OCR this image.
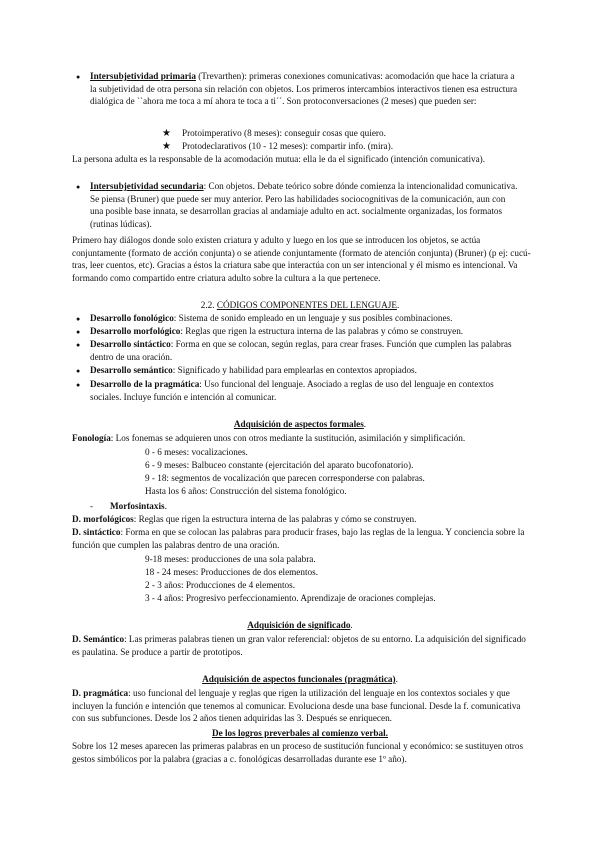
●
Intersubjetividad primaria (Trevarthen): primeras conexiones comunicativas: acomodación que hace la criatura a la subjetividad de otra persona sin relación con objetos. Los primeros intercambios interactivos tienen esa estructura dialógica de ``ahora me toca a mí ahora te toca a ti´´. Son protoconversaciones (2 meses) que pueden ser:
★
Protoimperativo (8 meses): conseguir cosas que quiero.
★
Protodeclarativos (10 - 12 meses): compartir info. (mira).
La persona adulta es la responsable de la acomodación mutua: ella le da el significado (intención comunicativa).
●
Intersubjetividad secundaria: Con objetos. Debate teórico sobre dónde comienza la intencionalidad comunicativa. Se piensa (Bruner) que puede ser muy anterior. Pero las habilidades sociocognitivas de la comunicación, aun con una posible base innata, se desarrollan gracias al andamiaje adulto en act. socialmente organizadas, los formatos (rutinas lúdicas).
Primero hay diálogos donde solo existen criatura y adulto y luego en los que se introducen los objetos, se actúa conjuntamente (formato de acción conjunta) o se atiende conjuntamente (formato de atención conjunta) (Bruner) (p ej: cucú-tras, leer cuentos, etc). Gracias a éstos la criatura sabe que interactúa con un ser intencional y él mismo es intencional. Va formando como compartido entre criatura adulto sobre la cultura a la que pertenece.
2.2. CÓDIGOS COMPONENTES DEL LENGUAJE.
●
Desarrollo fonológico: Sistema de sonido empleado en un lenguaje y sus posibles combinaciones.
●
Desarrollo morfológico: Reglas que rigen la estructura interna de las palabras y cómo se construyen.
●
Desarrollo sintáctico: Forma en que se colocan, según reglas, para crear frases. Función que cumplen las palabras dentro de una oración.
●
Desarrollo semántico: Significado y habilidad para emplearlas en contextos apropiados.
●
Desarrollo de la pragmática: Uso funcional del lenguaje. Asociado a reglas de uso del lenguaje en contextos sociales. Incluye función e intención al comunicar.
Adquisición de aspectos formales.
Fonología: Los fonemas se adquieren unos con otros mediante la sustitución, asimilación y simplificación.
0 - 6 meses: vocalizaciones.
6 - 9 meses: Balbuceo constante (ejercitación del aparato bucofonatorio).
9 - 18: segmentos de vocalización que parecen corresponderse con palabras.
Hasta los 6 años: Construcción del sistema fonológico.
- Morfosintaxis.
D. morfológicos: Reglas que rigen la estructura interna de las palabras y cómo se construyen.
D. sintáctico: Forma en que se colocan las palabras para producir frases, bajo las reglas de la lengua. Y conciencia sobre la función que cumplen las palabras dentro de una oración.
9-18 meses: producciones de una sola palabra.
18 - 24 meses: Producciones de dos elementos.
2 - 3 años: Producciones de 4 elementos.
3 - 4 años: Progresivo perfeccionamiento. Aprendizaje de oraciones complejas.
Adquisición de significado.
D. Semántico: Las primeras palabras tienen un gran valor referencial: objetos de su entorno. La adquisición del significado es paulatina. Se produce a partir de prototipos.
Adquisición de aspectos funcionales (pragmática).
D. pragmática: uso funcional del lenguaje y reglas que rigen la utilización del lenguaje en los contextos sociales y que incluyen la función e intención que tenemos al comunicar. Evoluciona desde una base funcional. Desde la f. comunicativa con sus subfunciones. Desde los 2 años tienen adquiridas las 3. Después se enriquecen.
De los logros preverbales al comienzo verbal.
Sobre los 12 meses aparecen las primeras palabras en un proceso de sustitución funcional y económico: se sustituyen otros gestos simbólicos por la palabra (gracias a c. fonológicas desarrolladas durante ese 1º año).
